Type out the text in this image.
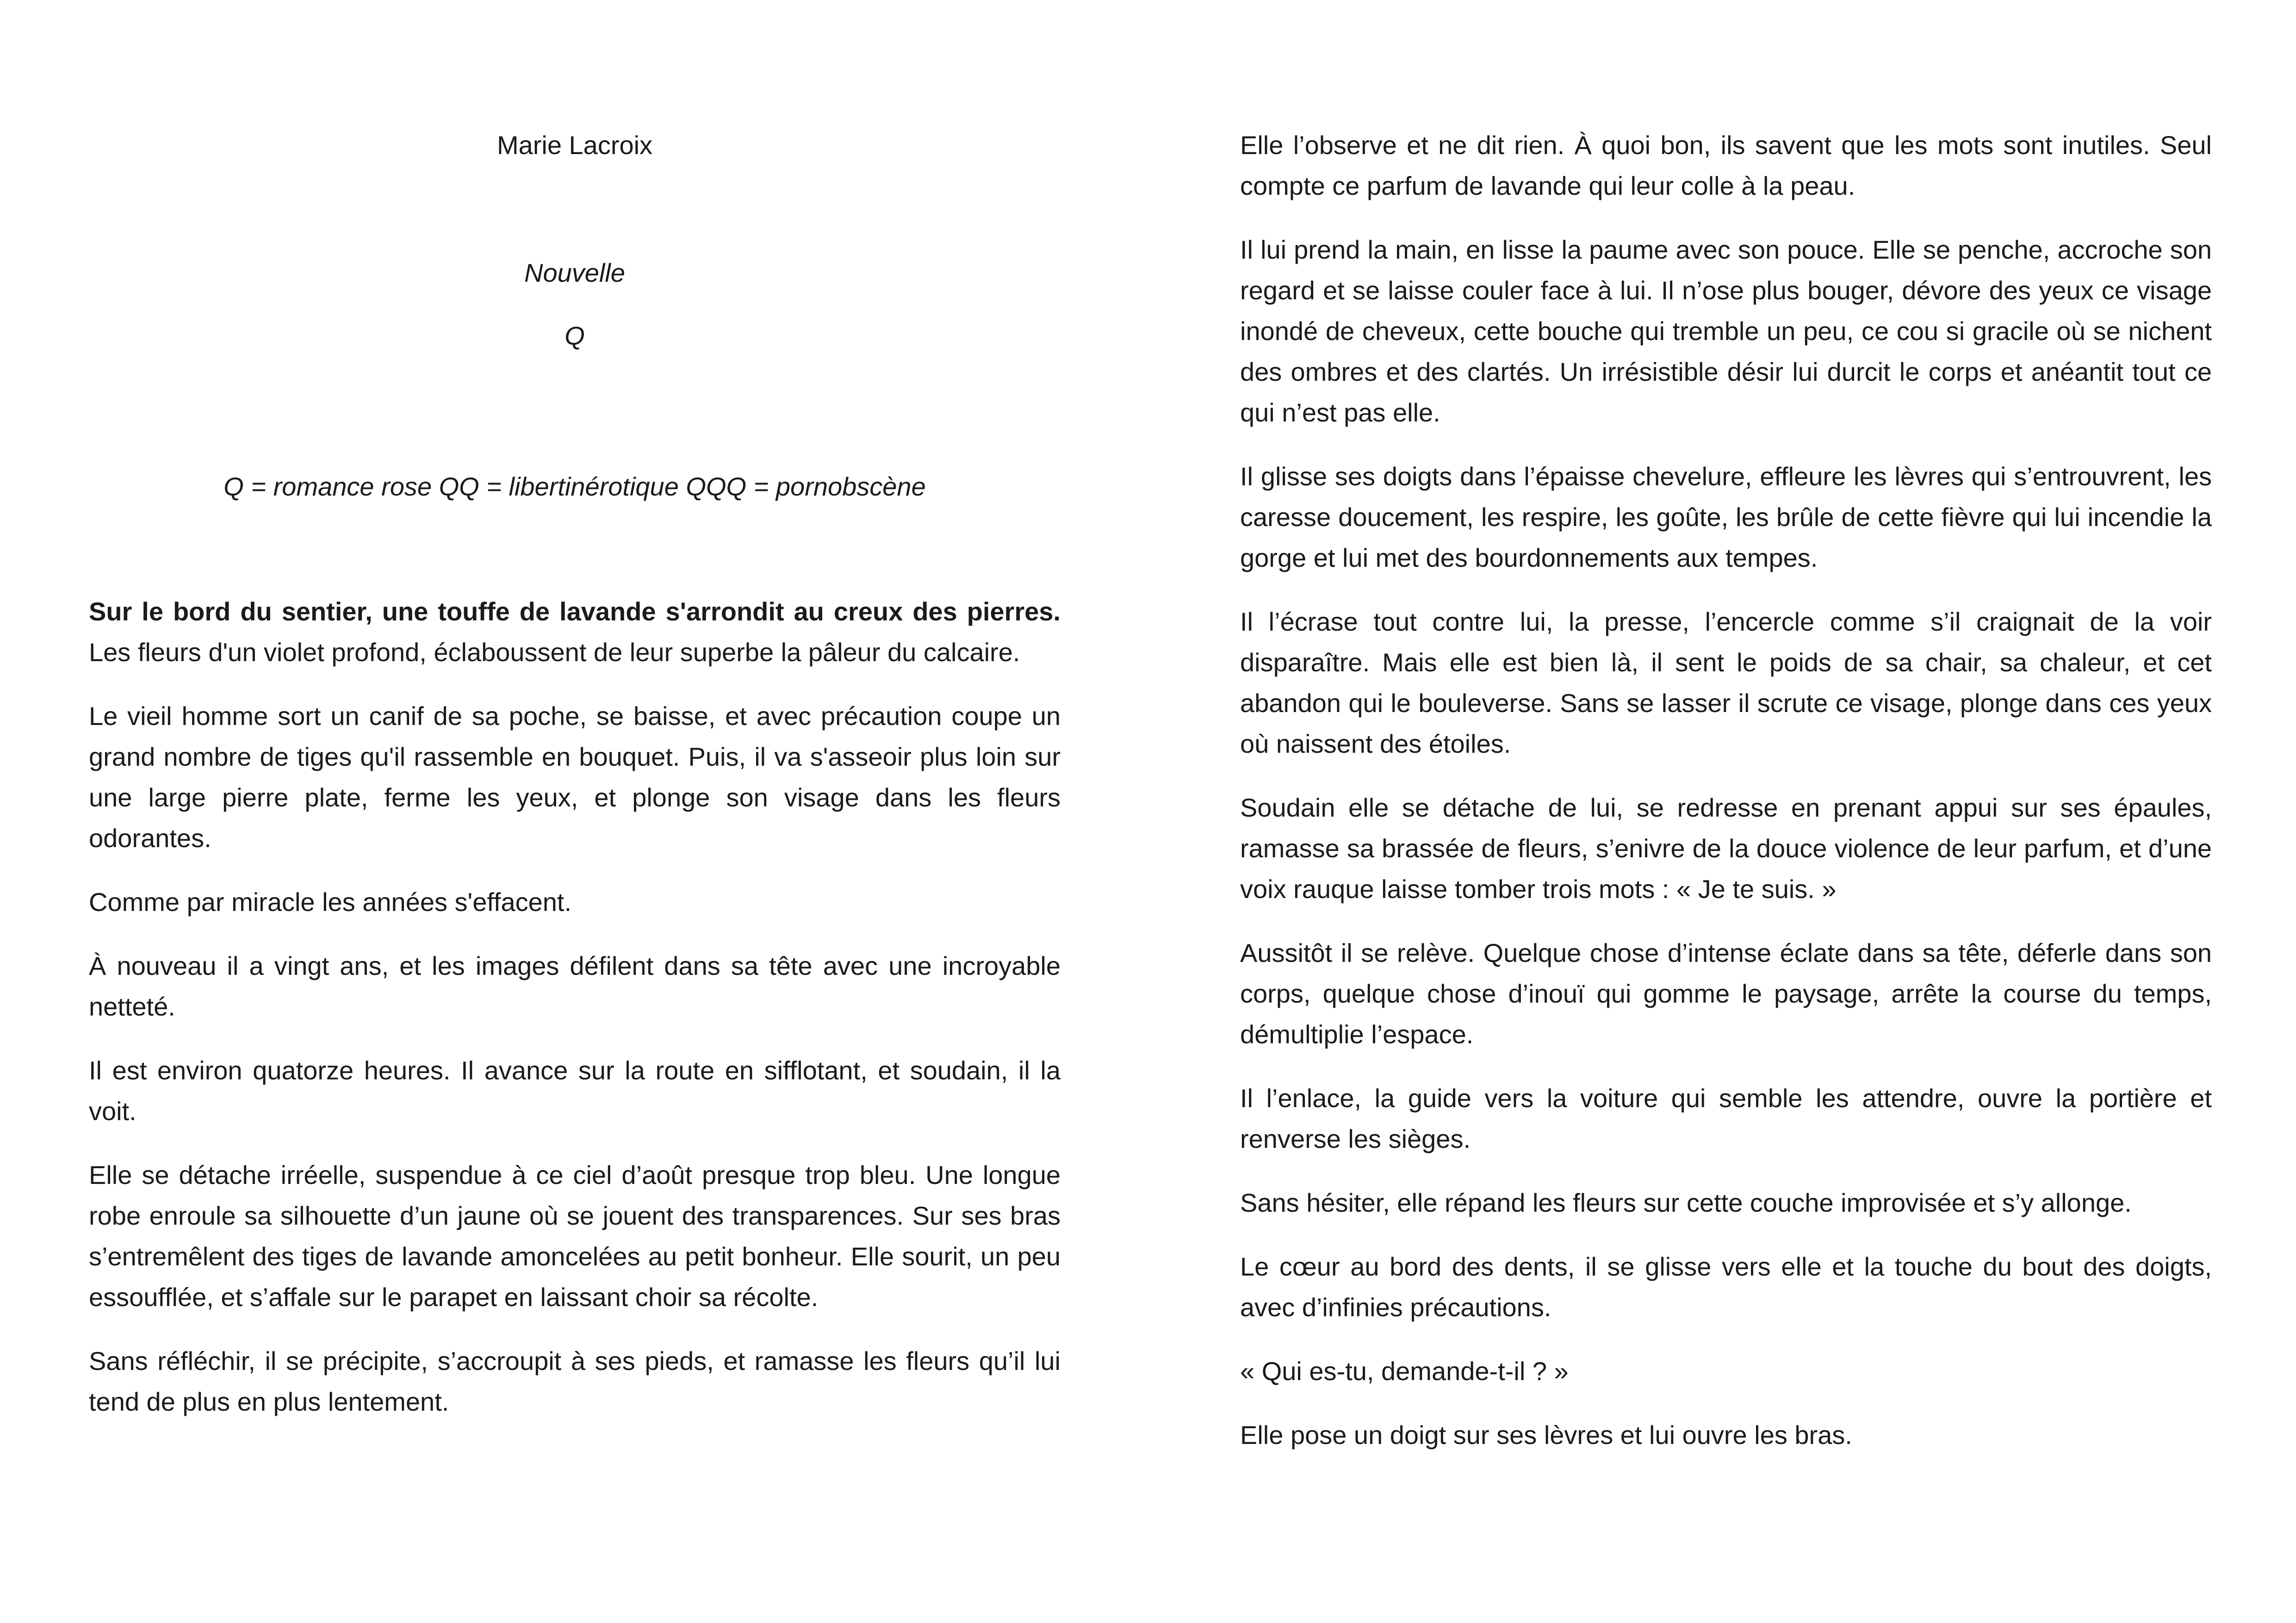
Marie Lacroix

Nouvelle

Q

Q = romance rose QQ = libertinérotique QQQ = pornobscène

Sur le bord du sentier, une touffe de lavande s'arrondit au creux des pierres. Les fleurs d'un violet profond, éclaboussent de leur superbe la pâleur du calcaire.

Le vieil homme sort un canif de sa poche, se baisse, et avec précaution coupe un grand nombre de tiges qu'il rassemble en bouquet. Puis, il va s'asseoir plus loin sur une large pierre plate, ferme les yeux, et plonge son visage dans les fleurs odorantes.

Comme par miracle les années s'effacent.

À nouveau il a vingt ans, et les images défilent dans sa tête avec une incroyable netteté.

Il est environ quatorze heures. Il avance sur la route en sifflotant, et soudain, il la voit.

Elle se détache irréelle, suspendue à ce ciel d’août presque trop bleu. Une longue robe enroule sa silhouette d’un jaune où se jouent des transparences. Sur ses bras s’entremêlent des tiges de lavande amoncelées au petit bonheur. Elle sourit, un peu essoufflée, et s’affale sur le parapet en laissant choir sa récolte.

Sans réfléchir, il se précipite, s’accroupit à ses pieds, et ramasse les fleurs qu’il lui tend de plus en plus lentement.

Elle l’observe et ne dit rien. À quoi bon, ils savent que les mots sont inutiles. Seul compte ce parfum de lavande qui leur colle à la peau.

Il lui prend la main, en lisse la paume avec son pouce. Elle se penche, accroche son regard et se laisse couler face à lui. Il n’ose plus bouger, dévore des yeux ce visage inondé de cheveux, cette bouche qui tremble un peu, ce cou si gracile où se nichent des ombres et des clartés. Un irrésistible désir lui durcit le corps et anéantit tout ce qui n’est pas elle.

Il glisse ses doigts dans l’épaisse chevelure, effleure les lèvres qui s’entrouvrent, les caresse doucement, les respire, les goûte, les brûle de cette fièvre qui lui incendie la gorge et lui met des bourdonnements aux tempes.

Il l’écrase tout contre lui, la presse, l’encercle comme s’il craignait de la voir disparaître. Mais elle est bien là, il sent le poids de sa chair, sa chaleur, et cet abandon qui le bouleverse. Sans se lasser il scrute ce visage, plonge dans ces yeux où naissent des étoiles.

Soudain elle se détache de lui, se redresse en prenant appui sur ses épaules, ramasse sa brassée de fleurs, s’enivre de la douce violence de leur parfum, et d’une voix rauque laisse tomber trois mots : « Je te suis. »

Aussitôt il se relève. Quelque chose d’intense éclate dans sa tête, déferle dans son corps, quelque chose d’inouï qui gomme le paysage, arrête la course du temps, démultiplie l’espace.

Il l’enlace, la guide vers la voiture qui semble les attendre, ouvre la portière et renverse les sièges.

Sans hésiter, elle répand les fleurs sur cette couche improvisée et s’y allonge.

Le cœur au bord des dents, il se glisse vers elle et la touche du bout des doigts, avec d’infinies précautions.

« Qui es-tu, demande-t-il ? »

Elle pose un doigt sur ses lèvres et lui ouvre les bras.
